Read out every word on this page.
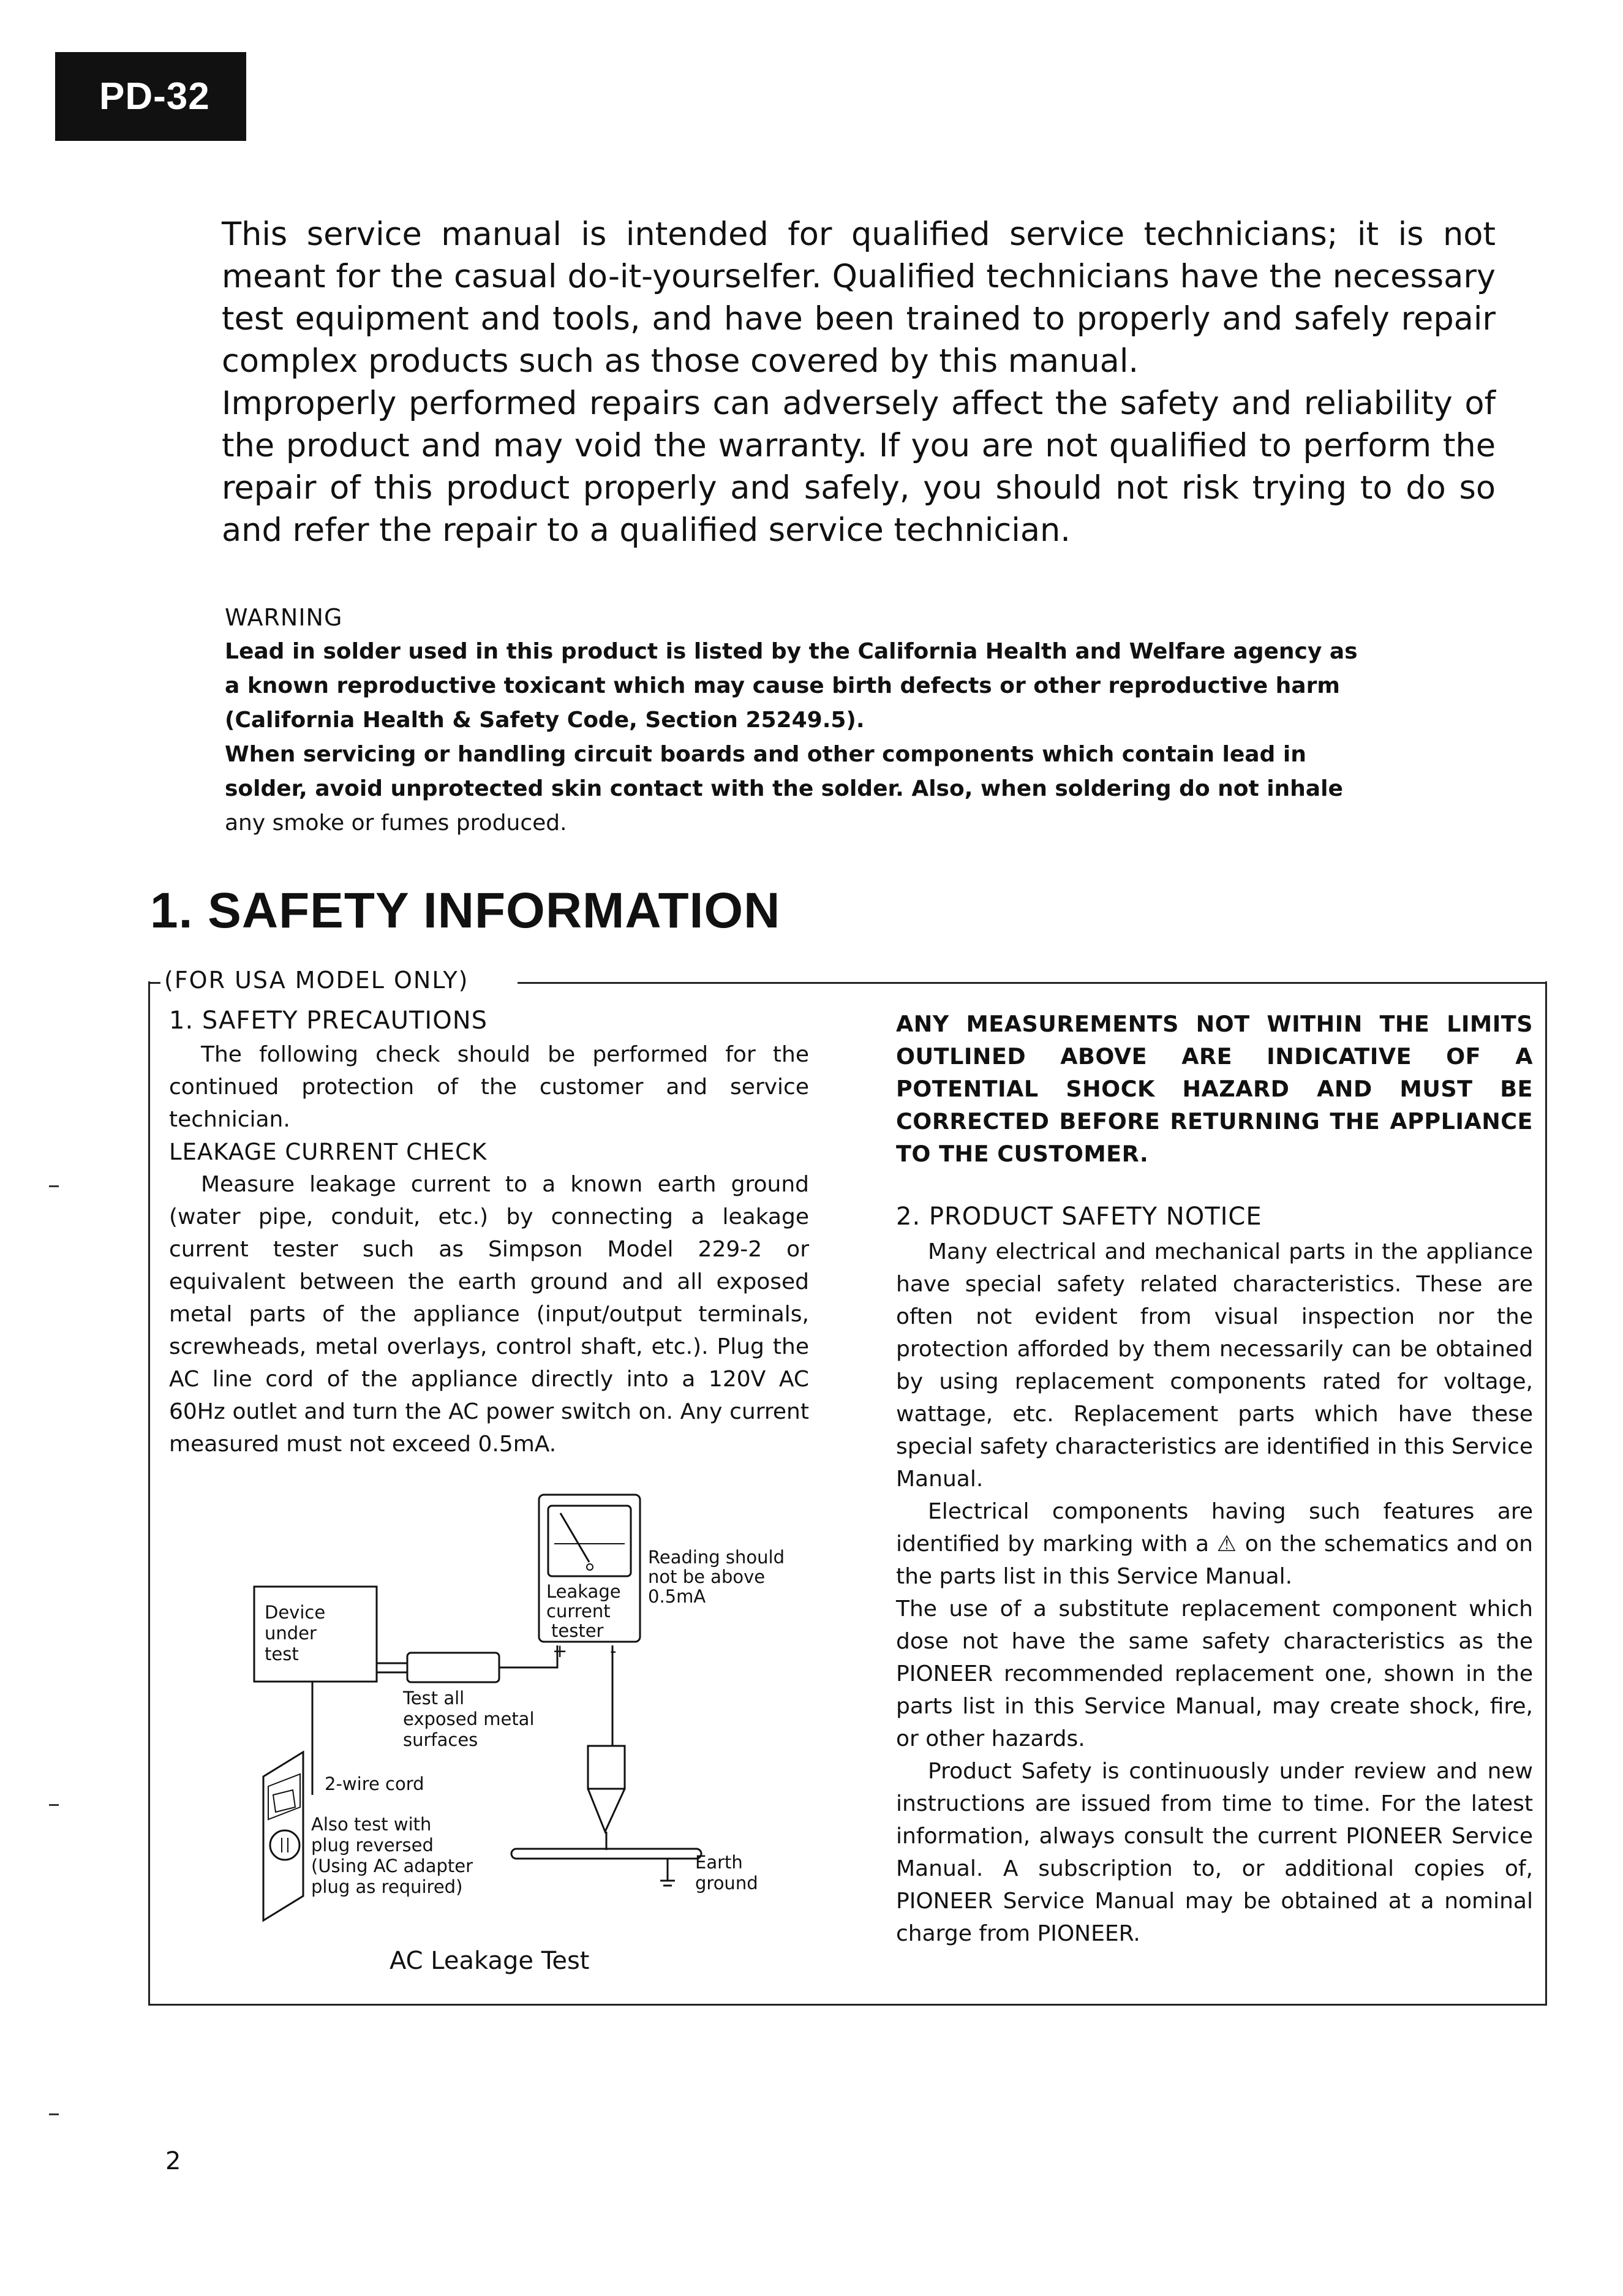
PD-32

This service manual is intended for qualified service technicians; it is not meant for the casual do-it-yourselfer. Qualified technicians have the necessary test equipment and tools, and have been trained to properly and safely repair complex products such as those covered by this manual.

Improperly performed repairs can adversely affect the safety and reliability of the product and may void the warranty. If you are not qualified to perform the repair of this product properly and safely, you should not risk trying to do so and refer the repair to a qualified service technician.

WARNING
Lead in solder used in this product is listed by the California Health and Welfare agency as a known reproductive toxicant which may cause birth defects or other reproductive harm (California Health & Safety Code, Section 25249.5).
When servicing or handling circuit boards and other components which contain lead in solder, avoid unprotected skin contact with the solder. Also, when soldering do not inhale
any smoke or fumes produced.
1. SAFETY INFORMATION
(FOR USA MODEL ONLY)
1. SAFETY PRECAUTIONS
The following check should be performed for the continued protection of the customer and service technician.
LEAKAGE CURRENT CHECK
Measure leakage current to a known earth ground (water pipe, conduit, etc.) by connecting a leakage current tester such as Simpson Model 229-2 or equivalent between the earth ground and all exposed metal parts of the appliance (input/output terminals, screwheads, metal overlays, control shaft, etc.). Plug the AC line cord of the appliance directly into a 120V AC 60Hz outlet and turn the AC power switch on. Any current measured must not exceed 0.5mA.
Leakage
current
tester
+ -
Reading should
not be above
0.5mA
Device
under
test
Earth
ground
Test all
exposed metal
surfaces
2-wire cord
Also test with
plug reversed
(Using AC adapter
plug as required)
AC Leakage Test
ANY MEASUREMENTS NOT WITHIN THE LIMITS OUTLINED ABOVE ARE INDICATIVE OF A POTENTIAL SHOCK HAZARD AND MUST BE CORRECTED BEFORE RETURNING THE APPLIANCE TO THE CUSTOMER.
2. PRODUCT SAFETY NOTICE
Many electrical and mechanical parts in the appliance have special safety related characteristics. These are often not evident from visual inspection nor the protection afforded by them necessarily can be obtained by using replacement components rated for voltage, wattage, etc. Replacement parts which have these special safety characteristics are identified in this Service Manual.
Electrical components having such features are identified by marking with a ⚠ on the schematics and on the parts list in this Service Manual.
The use of a substitute replacement component which dose not have the same safety characteristics as the PIONEER recommended replacement one, shown in the parts list in this Service Manual, may create shock, fire, or other hazards.
Product Safety is continuously under review and new instructions are issued from time to time. For the latest information, always consult the current PIONEER Service Manual. A subscription to, or additional copies of, PIONEER Service Manual may be obtained at a nominal charge from PIONEER.
2
